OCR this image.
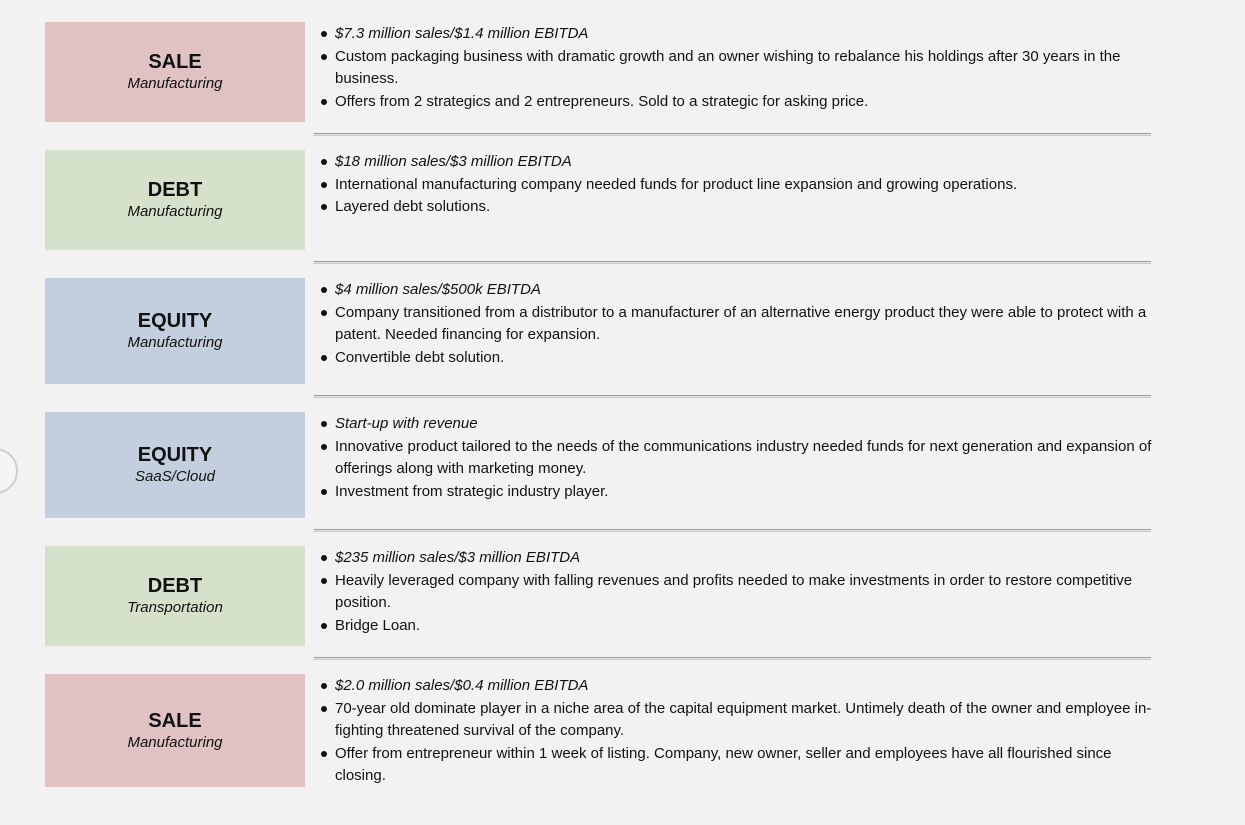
SALE
Manufacturing
$7.3 million sales/$1.4 million EBITDA
Custom packaging business with dramatic growth and an owner wishing to rebalance his holdings after 30 years in the business.
Offers from 2 strategics and 2 entrepreneurs. Sold to a strategic for asking price.
DEBT
Manufacturing
$18 million sales/$3 million EBITDA
International manufacturing company needed funds for product line expansion and growing operations.
Layered debt solutions.
EQUITY
Manufacturing
$4 million sales/$500k EBITDA
Company transitioned from a distributor to a manufacturer of an alternative energy product they were able to protect with a patent. Needed financing for expansion.
Convertible debt solution.
EQUITY
SaaS/Cloud
Start-up with revenue
Innovative product tailored to the needs of the communications industry needed funds for next generation and expansion of offerings along with marketing money.
Investment from strategic industry player.
DEBT
Transportation
$235 million sales/$3 million EBITDA
Heavily leveraged company with falling revenues and profits needed to make investments in order to restore competitive position.
Bridge Loan.
SALE
Manufacturing
$2.0 million sales/$0.4 million EBITDA
70-year old dominate player in a niche area of the capital equipment market. Untimely death of the owner and employee in-fighting threatened survival of the company.
Offer from entrepreneur within 1 week of listing. Company, new owner, seller and employees have all flourished since closing.
